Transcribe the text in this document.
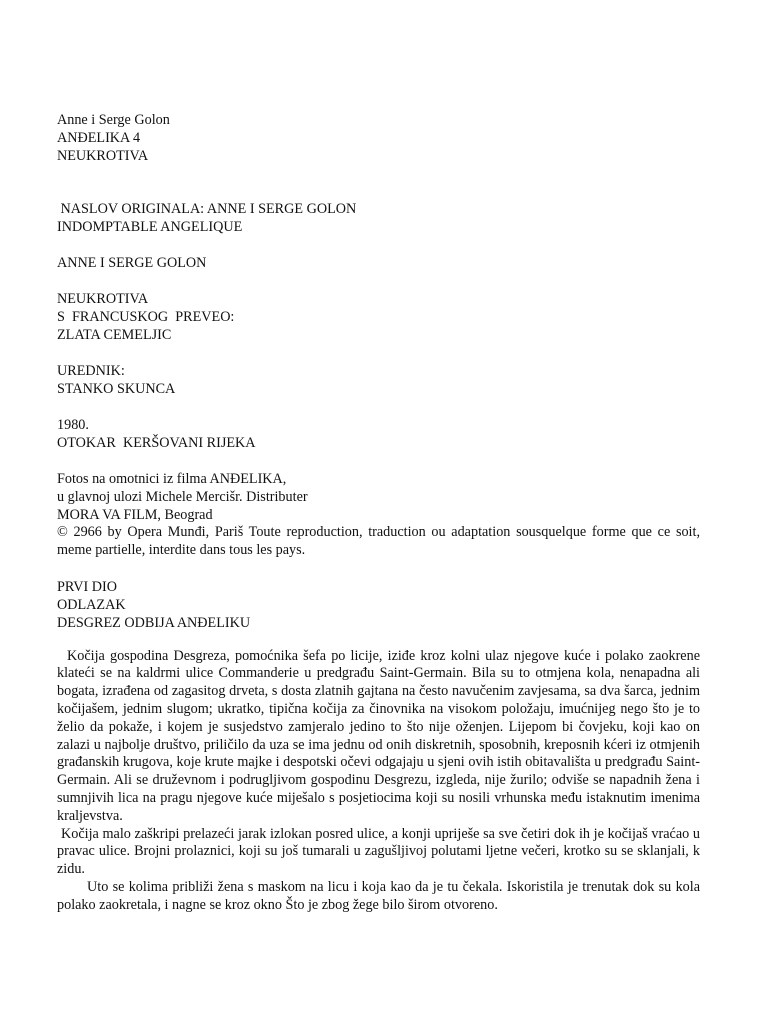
Anne i Serge Golon
ANĐELIKA 4
NEUKROTIVA
NASLOV ORIGINALA: ANNE I SERGE GOLON
INDOMPTABLE ANGELIQUE
ANNE I SERGE GOLON
NEUKROTIVA
S  FRANCUSKOG  PREVEO:
ZLATA CEMELJIC
UREDNIK:
STANKO SKUNCA
1980.
OTOKAR  KERŠOVANI RIJEKA
Fotos na omotnici iz filma ANĐELIKA,
u glavnoj ulozi Michele Mercišr. Distributer
MORA VA FILM, Beograd

© 2966 by Opera Munđi, Pariš Toute reproduction, traduction ou adaptation sousquelque forme que ce soit, meme partielle, interdite dans tous les pays.

PRVI DIO
ODLAZAK
DESGREZ ODBIJA ANĐELIKU

Kočija gospodina Desgreza, pomoćnika šefa po liciје, iziđe kroz kolni ulaz njegove kuće i polako zaokrene klateći se na kaldrmi ulice Commanderie u predgrađu Saint-Germain. Bila su to otmjena kola, nenapadna ali bogata, izrađena od zagasitog drveta, s dosta zlatnih gajtana na često navučenim zavjesama, sa dva šarca, jednim kočijašem, jednim slugom; ukratko, tipična kočija za činovnika na visokom položaju, imućnijeg nego što je to želio da pokaže, i kojem je susjedstvo zamjeralo jedino to što nije oženjen. Lijepom bi čovjeku, koji kao on zalazi u najbolje društvo, priličilo da uza se ima jednu od onih diskretnih, sposobnih, kreposnih kćeri iz otmjenih građanskih krugova, koje krute majke i despotski očevi odgajaju u sjeni ovih istih obitavališta u predgrađu Saint-Germain. Ali se druževnom i podrugljivom gospodinu Desgrezu, izgleda, nije žurilo; odviše se napadnih žena i sumnjivih lica na pragu njegove kuće miješalo s posjetiocima koji su nosili vrhunska među istaknutim imenima kraljevstva.

Kočija malo zaškripi prelazeći jarak izlokan posred ulice, a konji upriješe sa sve četiri dok ih je kočijaš vraćao u pravac ulice. Brojni prolaznici, koji su još tumarali u zagušljivoj polutami ljetne večeri, krotko su se sklanjali, k zidu.

Uto se kolima približi žena s maskom na licu i koja kao da je tu čekala. Iskoristila je trenutak dok su kola polako zaokretala, i nagne se kroz okno Što je zbog žege bilo širom otvoreno.
